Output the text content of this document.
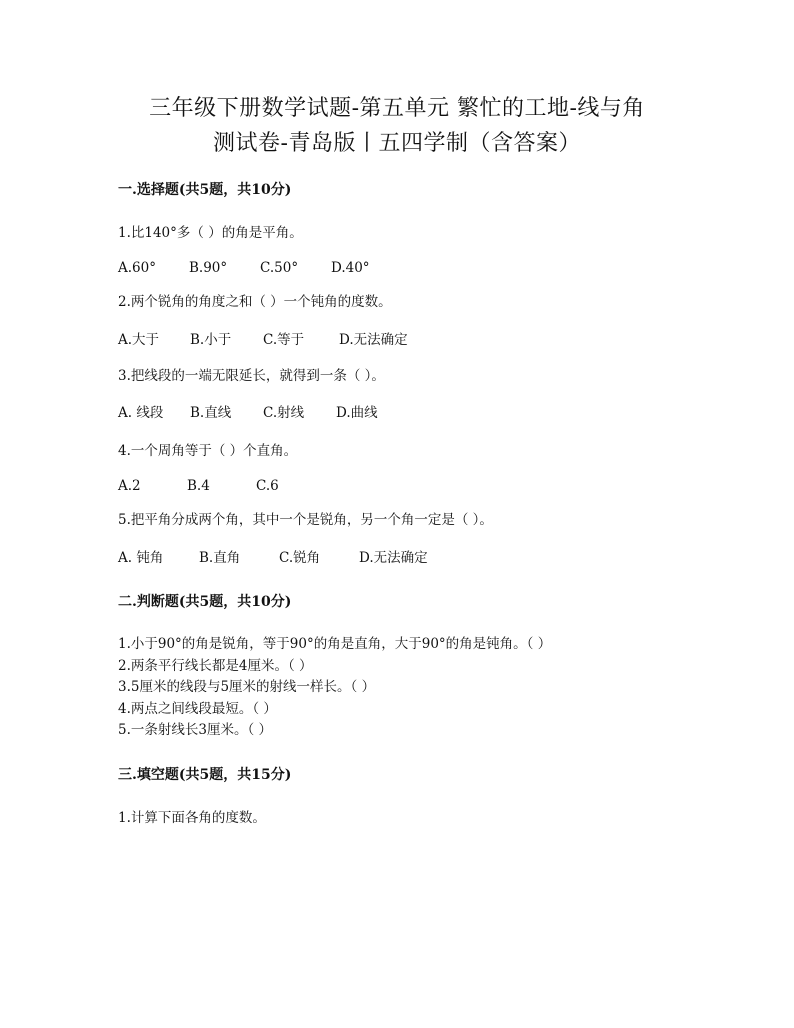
三年级下册数学试题-第五单元 繁忙的工地-线与角
测试卷-青岛版丨五四学制（含答案）
一.选择题(共5题，共10分)
1.比140°多（ ）的角是平角。
A.60°	B.90°	C.50°	D.40°
2.两个锐角的角度之和（ ）一个钝角的度数。
A.大于	B.小于	C.等于	D.无法确定
3.把线段的一端无限延长，就得到一条（ ）。
A. 线段	B.直线	C.射线	D.曲线
4.一个周角等于（ ）个直角。
A.2	B.4	C.6
5.把平角分成两个角，其中一个是锐角，另一个角一定是（ ）。
A. 钝角	B.直角	C.锐角	D.无法确定
二.判断题(共5题，共10分)
1.小于90°的角是锐角，等于90°的角是直角，大于90°的角是钝角。（ ）
2.两条平行线长都是4厘米。（ ）
3.5厘米的线段与5厘米的射线一样长。（ ）
4.两点之间线段最短。（ ）
5.一条射线长3厘米。（ ）
三.填空题(共5题，共15分)
1.计算下面各角的度数。
